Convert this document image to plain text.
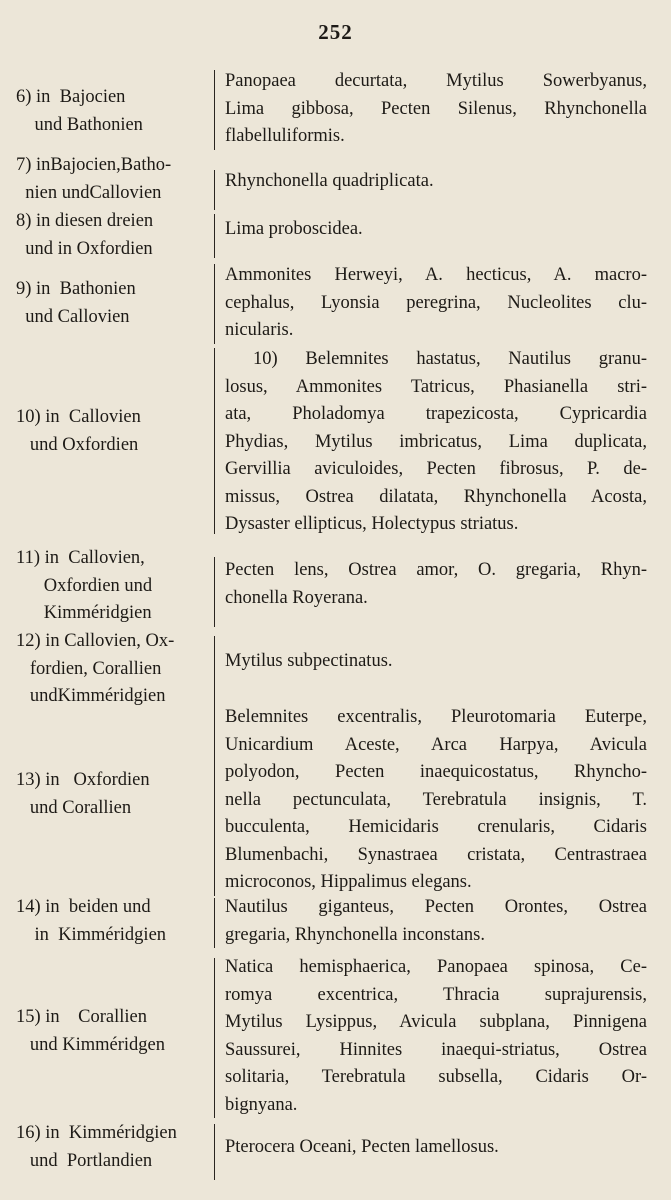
252
6) in  Bajocien
und Bathonien
Panopaea decurtata, Mytilus Sowerbyanus,
Lima gibbosa, Pecten Silenus, Rhynchonella
flabelluliformis.
7) inBajocien,Batho-
nien undCallovien
Rhynchonella quadriplicata.
8) in diesen dreien
und in Oxfordien
Lima proboscidea.
9) in  Bathonien
und Callovien
Ammonites Herweyi, A. hecticus, A. macro-
cephalus, Lyonsia peregrina, Nucleolites clu-
nicularis.
10) in  Callovien
und Oxfordien
10) Belemnites hastatus, Nautilus granu-
losus, Ammonites Tatricus, Phasianella stri-
ata, Pholadomya trapezicosta, Cypricardia
Phydias, Mytilus imbricatus, Lima duplicata,
Gervillia aviculoides, Pecten fibrosus, P. de-
missus, Ostrea dilatata, Rhynchonella Acosta,
Dysaster ellipticus, Holectypus striatus.
11) in  Callovien,
Oxfordien und
Kimméridgien
Pecten lens, Ostrea amor, O. gregaria, Rhyn-
chonella Royerana.
12) in Callovien, Ox-
fordien, Corallien
undKimméridgien
Mytilus subpectinatus.
13) in   Oxfordien
und Corallien
Belemnites excentralis, Pleurotomaria Euterpe,
Unicardium Aceste, Arca Harpya, Avicula
polyodon, Pecten inaequicostatus, Rhyncho-
nella pectunculata, Terebratula insignis, T.
bucculenta, Hemicidaris crenularis, Cidaris
Blumenbachi, Synastraea cristata, Centrastraea
microconos, Hippalimus elegans.
14) in  beiden und
in  Kimméridgien
Nautilus giganteus, Pecten Orontes, Ostrea
gregaria, Rhynchonella inconstans.
15) in    Corallien
und Kimméridgen
Natica hemisphaerica, Panopaea spinosa, Ce-
romya excentrica, Thracia suprajurensis,
Mytilus Lysippus, Avicula subplana, Pinnigena
Saussurei, Hinnites inaequi-striatus, Ostrea
solitaria, Terebratula subsella, Cidaris Or-
bignyana.
16) in  Kimméridgien
und  Portlandien
Pterocera Oceani, Pecten lamellosus.
